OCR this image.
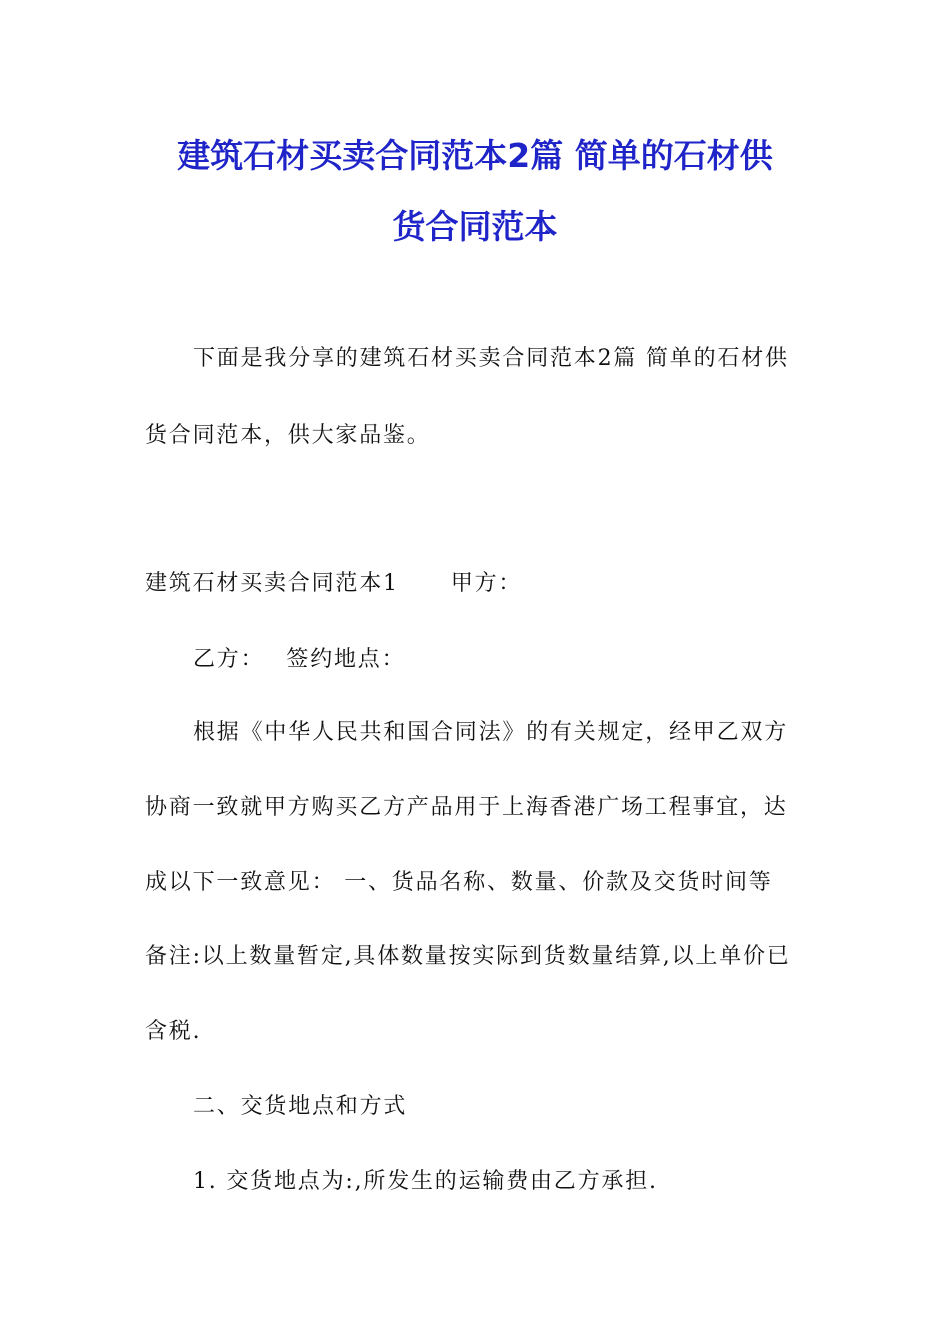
建筑石材买卖合同范本2篇 简单的石材供
货合同范本
下面是我分享的建筑石材买卖合同范本2篇 简单的石材供
货合同范本，供大家品鉴。
建筑石材买卖合同范本1 甲方：
乙方： 签约地点：
根据《中华人民共和国合同法》的有关规定，经甲乙双方
协商一致就甲方购买乙方产品用于上海香港广场工程事宜，达
成以下一致意见： 一、货品名称、数量、价款及交货时间等
备注:以上数量暂定,具体数量按实际到货数量结算,以上单价已
含税.
二、交货地点和方式
1. 交货地点为:,所发生的运输费由乙方承担.
